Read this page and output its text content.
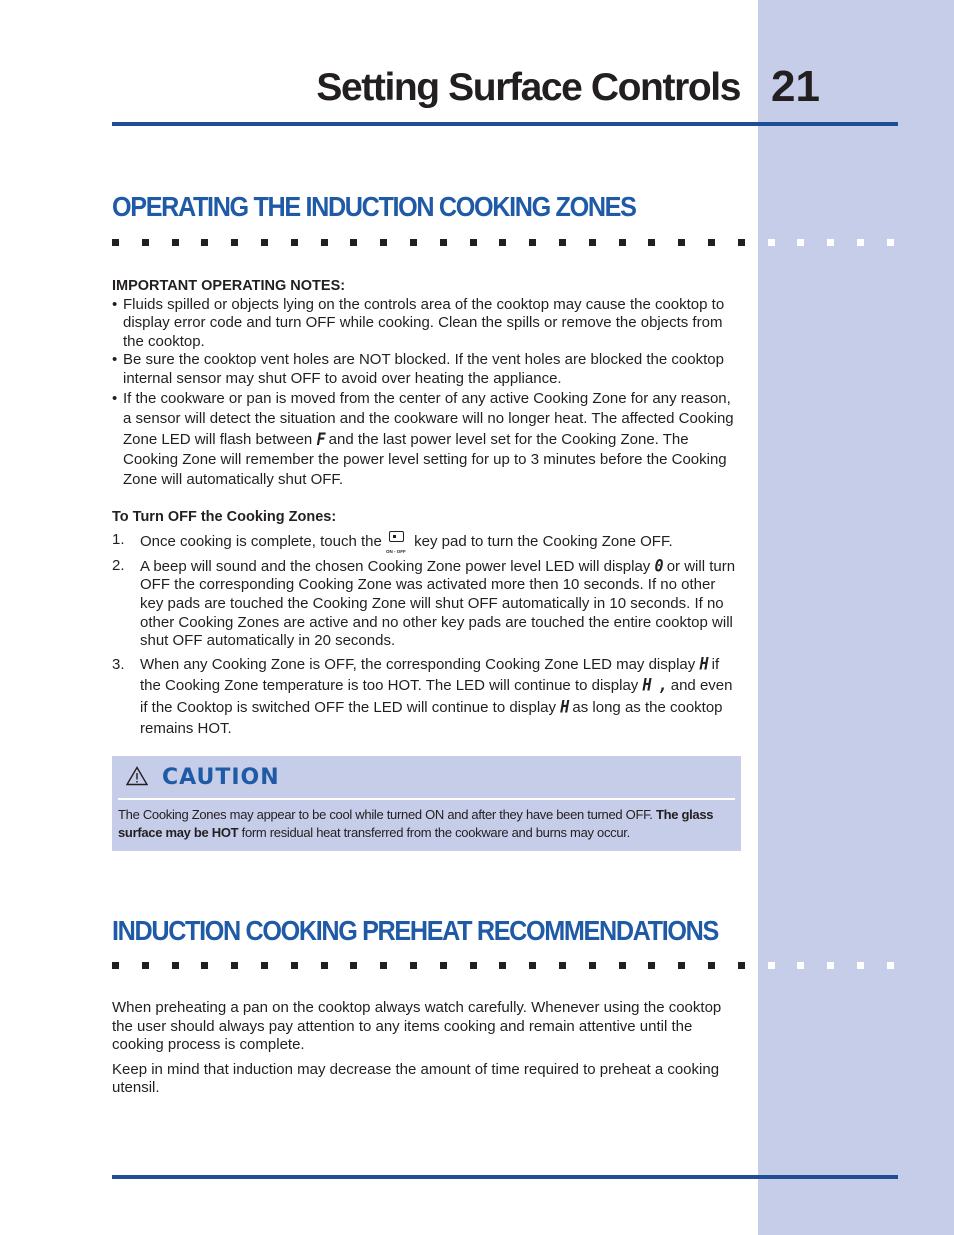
Setting Surface Controls 21
OPERATING THE INDUCTION COOKING ZONES

IMPORTANT OPERATING NOTES:

• Fluids spilled or objects lying on the controls area of the cooktop may cause the cooktop to display error code and turn OFF while cooking. Clean the spills or remove the objects from the cooktop.
• Be sure the cooktop vent holes are NOT blocked. If the vent holes are blocked the cooktop internal sensor may shut OFF to avoid over heating the appliance.
• If the cookware or pan is moved from the center of any active Cooking Zone for any reason, a sensor will detect the situation and the cookware will no longer heat. The affected Cooking Zone LED will flash between F and the last power level set for the Cooking Zone. The Cooking Zone will remember the power level setting for up to 3 minutes before the Cooking Zone will automatically shut OFF.

To Turn OFF the Cooking Zones:

1. Once cooking is complete, touch the
ON - OFF
key pad to turn the Cooking Zone OFF.
2. A beep will sound and the chosen Cooking Zone power level LED will display 0 or will turn OFF the corresponding Cooking Zone was activated more then 10 seconds. If no other key pads are touched the Cooking Zone will shut OFF automatically in 10 seconds. If no other Cooking Zones are active and no other key pads are touched the entire cooktop will shut OFF automatically in 20 seconds.
3. When any Cooking Zone is OFF, the corresponding Cooking Zone LED may display H if the Cooking Zone temperature is too HOT. The LED will continue to display H , and even if the Cooktop is switched OFF the LED will continue to display H as long as the cooktop remains HOT.
CAUTION
The Cooking Zones may appear to be cool while turned ON and after they have been turned OFF. The glass surface may be HOT form residual heat transferred from the cookware and burns may occur.
INDUCTION COOKING PREHEAT RECOMMENDATIONS

When preheating a pan on the cooktop always watch carefully. Whenever using the cooktop the user should always pay attention to any items cooking and remain attentive until the cooking process is complete.

Keep in mind that induction may decrease the amount of time required to preheat a cooking utensil.
